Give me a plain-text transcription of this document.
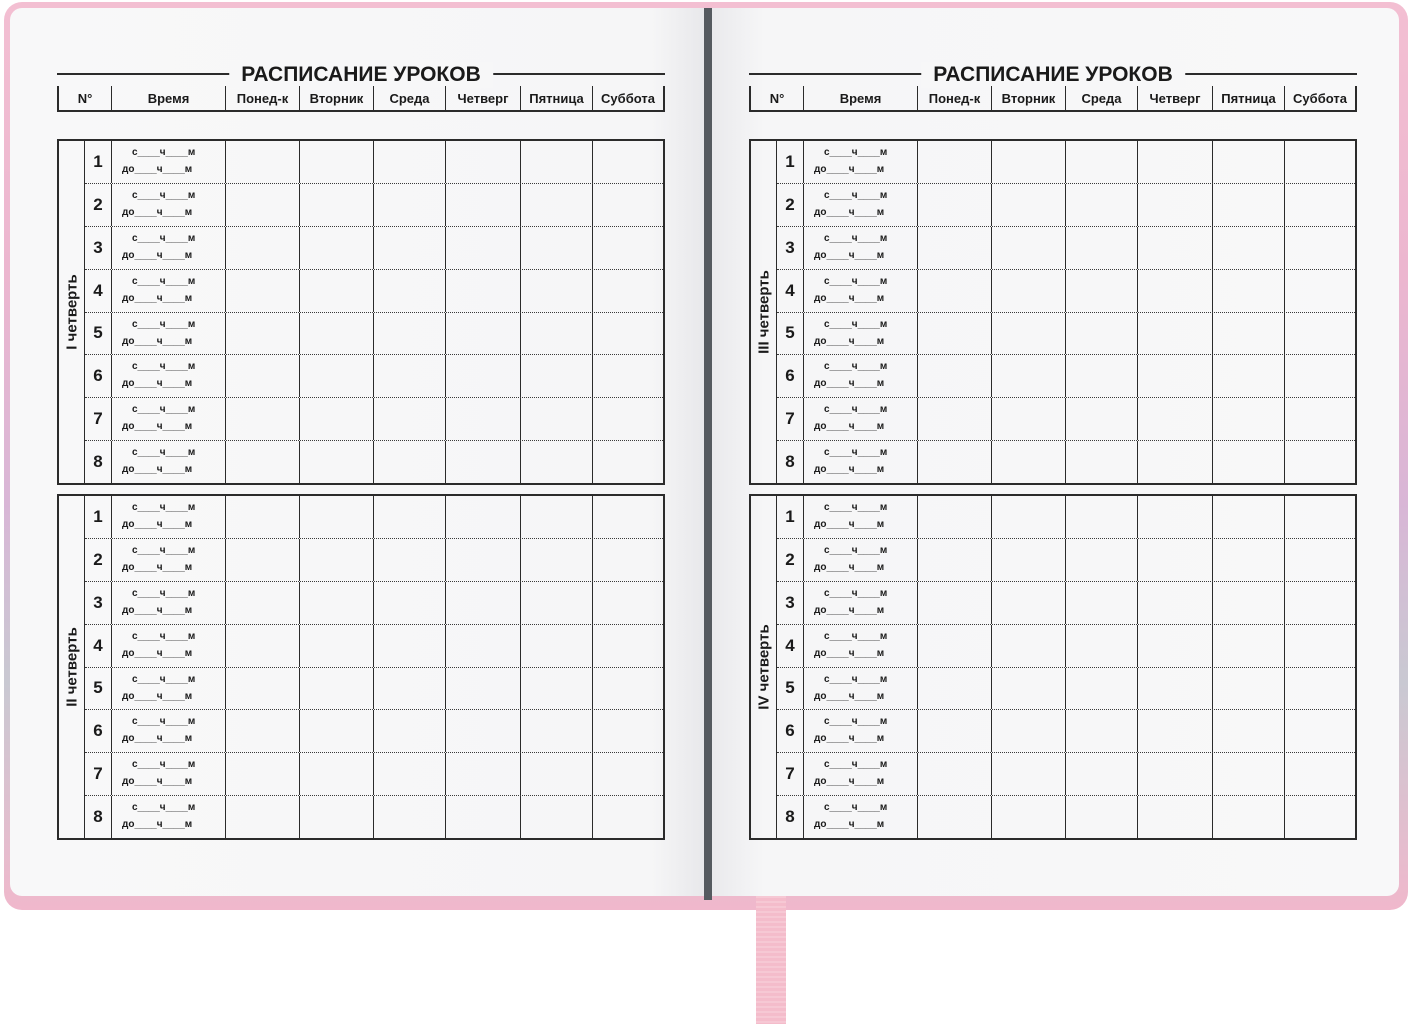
РАСПИСАНИЕ УРОКОВ
N°	Время	Понед-к	Вторник	Среда	Четверг	Пятница	Суббота
I четверть
1	с____ч____м
до____ч____м
2	с____ч____м
до____ч____м
3	с____ч____м
до____ч____м
4	с____ч____м
до____ч____м
5	с____ч____м
до____ч____м
6	с____ч____м
до____ч____м
7	с____ч____м
до____ч____м
8	с____ч____м
до____ч____м
II четверть
1	с____ч____м
до____ч____м
2	с____ч____м
до____ч____м
3	с____ч____м
до____ч____м
4	с____ч____м
до____ч____м
5	с____ч____м
до____ч____м
6	с____ч____м
до____ч____м
7	с____ч____м
до____ч____м
8	с____ч____м
до____ч____м
РАСПИСАНИЕ УРОКОВ
N°	Время	Понед-к	Вторник	Среда	Четверг	Пятница	Суббота
III четверть
1	с____ч____м
до____ч____м
2	с____ч____м
до____ч____м
3	с____ч____м
до____ч____м
4	с____ч____м
до____ч____м
5	с____ч____м
до____ч____м
6	с____ч____м
до____ч____м
7	с____ч____м
до____ч____м
8	с____ч____м
до____ч____м
IV четверть
1	с____ч____м
до____ч____м
2	с____ч____м
до____ч____м
3	с____ч____м
до____ч____м
4	с____ч____м
до____ч____м
5	с____ч____м
до____ч____м
6	с____ч____м
до____ч____м
7	с____ч____м
до____ч____м
8	с____ч____м
до____ч____м
